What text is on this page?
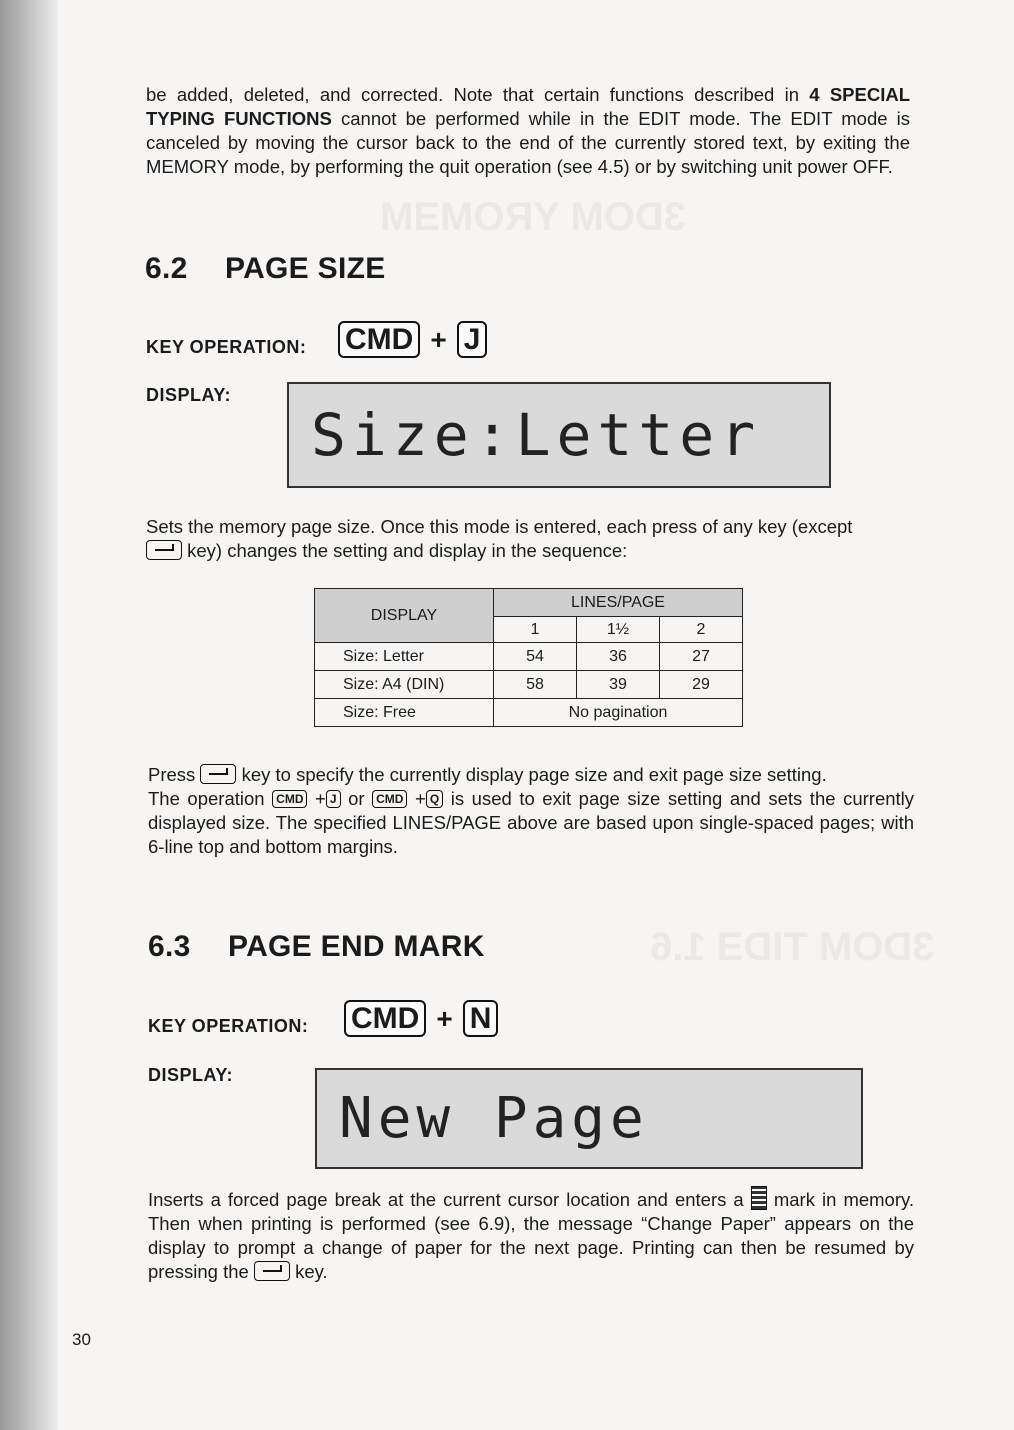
3DOM YROMƎM
3DOM TIDƎ 1.6

be added, deleted, and corrected. Note that certain functions described in 4 SPECIAL TYPING FUNCTIONS cannot be performed while in the EDIT mode. The EDIT mode is canceled by moving the cursor back to the end of the currently stored text, by exiting the MEMORY mode, by performing the quit operation (see 4.5) or by switching unit power OFF.

6.2 PAGE SIZE
KEY OPERATION: CMD + J
DISPLAY:
Size:Letter

Sets the memory page size. Once this mode is entered, each press of any key (except
key) changes the setting and display in the sequence:

DISPLAY	LINES/PAGE		
	1	1½	2
Size: Letter	54	36	27
Size: A4 (DIN)	58	39	29
Size: Free	No pagination		

Press	key to specify the currently display page size and exit page size setting.
The operation CMD + J or CMD + Q is used to exit page size setting and sets the currently displayed size. The specified LINES/PAGE above are based upon single-spaced pages; with 6-line top and bottom margins.

6.3 PAGE END MARK
KEY OPERATION: CMD + N
DISPLAY:
New Page

Inserts a forced page break at the current cursor location and enters a mark in memory. Then when printing is performed (see 6.9), the message “Change Paper” appears on the display to prompt a change of paper for the next page. Printing can then be resumed by pressing the	key.

30
